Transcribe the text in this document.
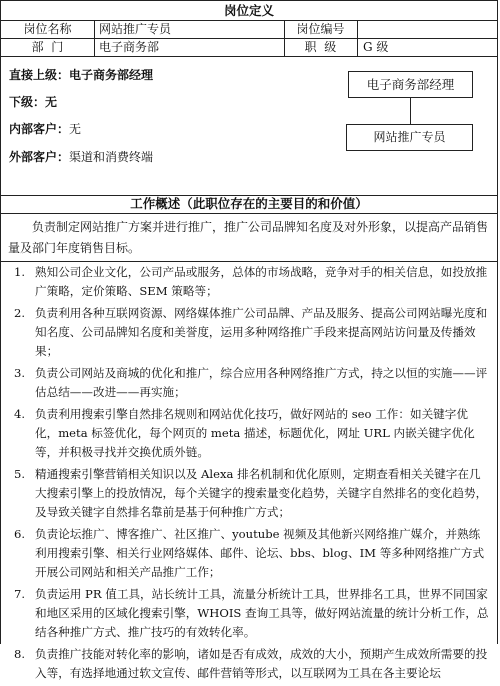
岗位定义
岗位名称	网站推广专员	岗位编号
部  门	电子商务部	职  级	G 级
直接上级：电子商务部经理
下级：无
内部客户：无
外部客户：渠道和消费终端
电子商务部经理
网站推广专员
工作概述（此职位存在的主要目的和价值）
负责制定网站推广方案并进行推广，推广公司品牌知名度及对外形象，以提高产品销售量及部门年度销售目标。
1. 熟知公司企业文化，公司产品或服务，总体的市场战略，竞争对手的相关信息，如投放推广策略，定价策略、SEM 策略等；
2. 负责利用各种互联网资源、网络媒体推广公司品牌、产品及服务、提高公司网站曝光度和知名度、公司品牌知名度和美誉度，运用多种网络推广手段来提高网站访问量及传播效果；
3. 负责公司网站及商城的优化和推广，综合应用各种网络推广方式，持之以恒的实施——评估总结——改进——再实施；
4. 负责利用搜索引擎自然排名规则和网站优化技巧，做好网站的 seo 工作：如关键字优化，meta 标签优化，每个网页的 meta 描述，标题优化，网址 URL 内嵌关键字优化等，并积极寻找并交换优质外链。
5. 精通搜索引擎营销相关知识以及 Alexa 排名机制和优化原则，定期查看相关关键字在几大搜索引擎上的投放情况，每个关键字的搜索量变化趋势，关键字自然排名的变化趋势，及导致关键字自然排名靠前是基于何种推广方式；
6. 负责论坛推广、博客推广、社区推广、youtube 视频及其他新兴网络推广媒介，并熟练利用搜索引擎、相关行业网络媒体、邮件、论坛、bbs、blog、IM 等多种网络推广方式开展公司网站和相关产品推广工作；
7. 负责运用 PR 值工具，站长统计工具，流量分析统计工具，世界排名工具，世界不同国家和地区采用的区域化搜索引擎，WHOIS 查询工具等，做好网站流量的统计分析工作，总结各种推广方式、推广技巧的有效转化率。
8. 负责推广技能对转化率的影响，诸如是否有成效，成效的大小，预期产生成效所需要的投入等，有选择地通过软文宣传、邮件营销等形式，以互联网为工具在各主要论坛
